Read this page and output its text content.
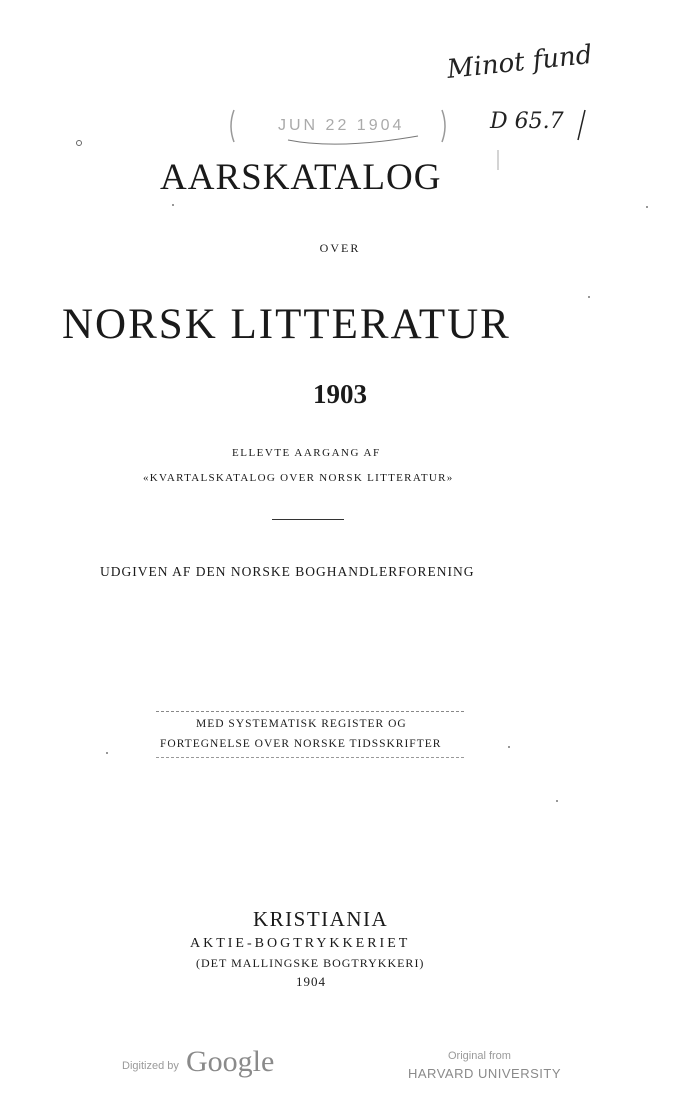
JUN 22 1904
Minot fund
D 65.7
AARSKATALOG
OVER
NORSK LITTERATUR
1903
ELLEVTE AARGANG AF
«KVARTALSKATALOG OVER NORSK LITTERATUR»
UDGIVEN AF DEN NORSKE BOGHANDLERFORENING
MED SYSTEMATISK REGISTER OG
FORTEGNELSE OVER NORSKE TIDSSKRIFTER
KRISTIANIA
AKTIE-BOGTRYKKERIET
(DET MALLINGSKE BOGTRYKKERI)
1904
Digitized by Google	Original from
HARVARD UNIVERSITY
